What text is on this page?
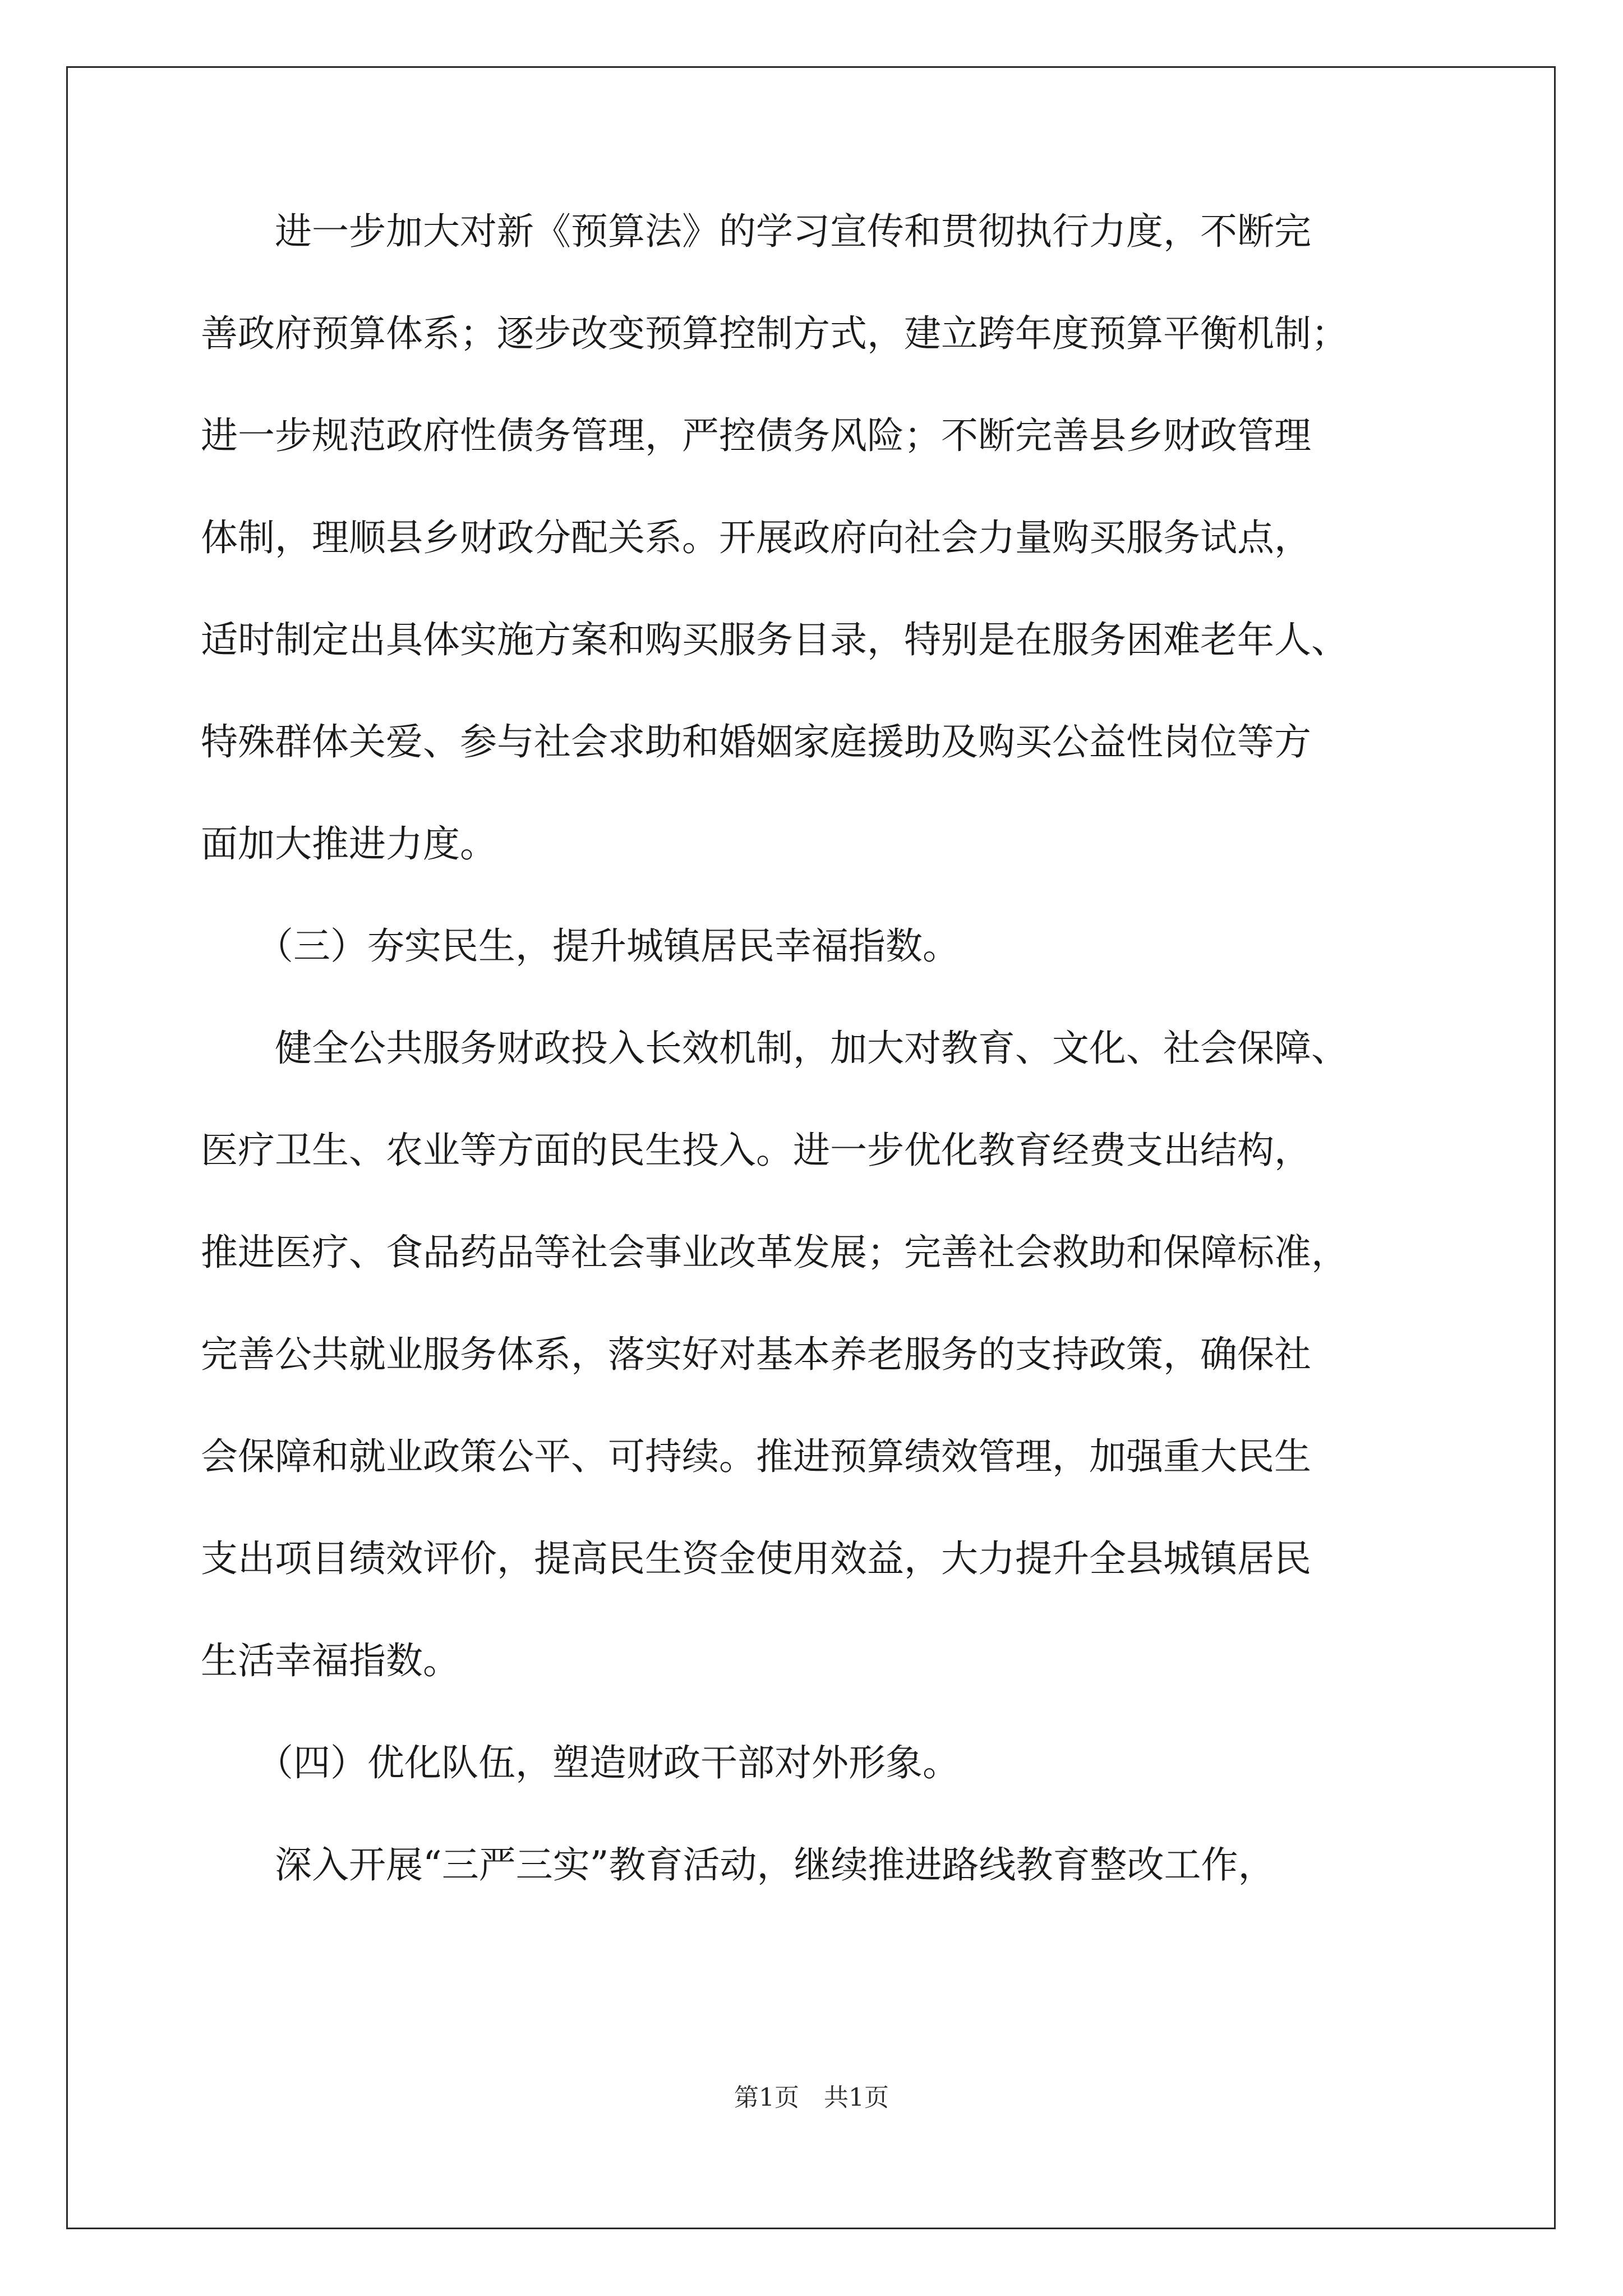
　　进一步加大对新《预算法》的学习宣传和贯彻执行力度，不断完
善政府预算体系；逐步改变预算控制方式，建立跨年度预算平衡机制；
进一步规范政府性债务管理，严控债务风险；不断完善县乡财政管理
体制，理顺县乡财政分配关系。开展政府向社会力量购买服务试点，
适时制定出具体实施方案和购买服务目录，特别是在服务困难老年人、
特殊群体关爱、参与社会求助和婚姻家庭援助及购买公益性岗位等方
面加大推进力度。
　　（三）夯实民生，提升城镇居民幸福指数。
　　健全公共服务财政投入长效机制，加大对教育、文化、社会保障、
医疗卫生、农业等方面的民生投入。进一步优化教育经费支出结构，
推进医疗、食品药品等社会事业改革发展；完善社会救助和保障标准，
完善公共就业服务体系，落实好对基本养老服务的支持政策，确保社
会保障和就业政策公平、可持续。推进预算绩效管理，加强重大民生
支出项目绩效评价，提高民生资金使用效益，大力提升全县城镇居民
生活幸福指数。
　　（四）优化队伍，塑造财政干部对外形象。
　　深入开展“三严三实”教育活动，继续推进路线教育整改工作，
第1页　共1页
